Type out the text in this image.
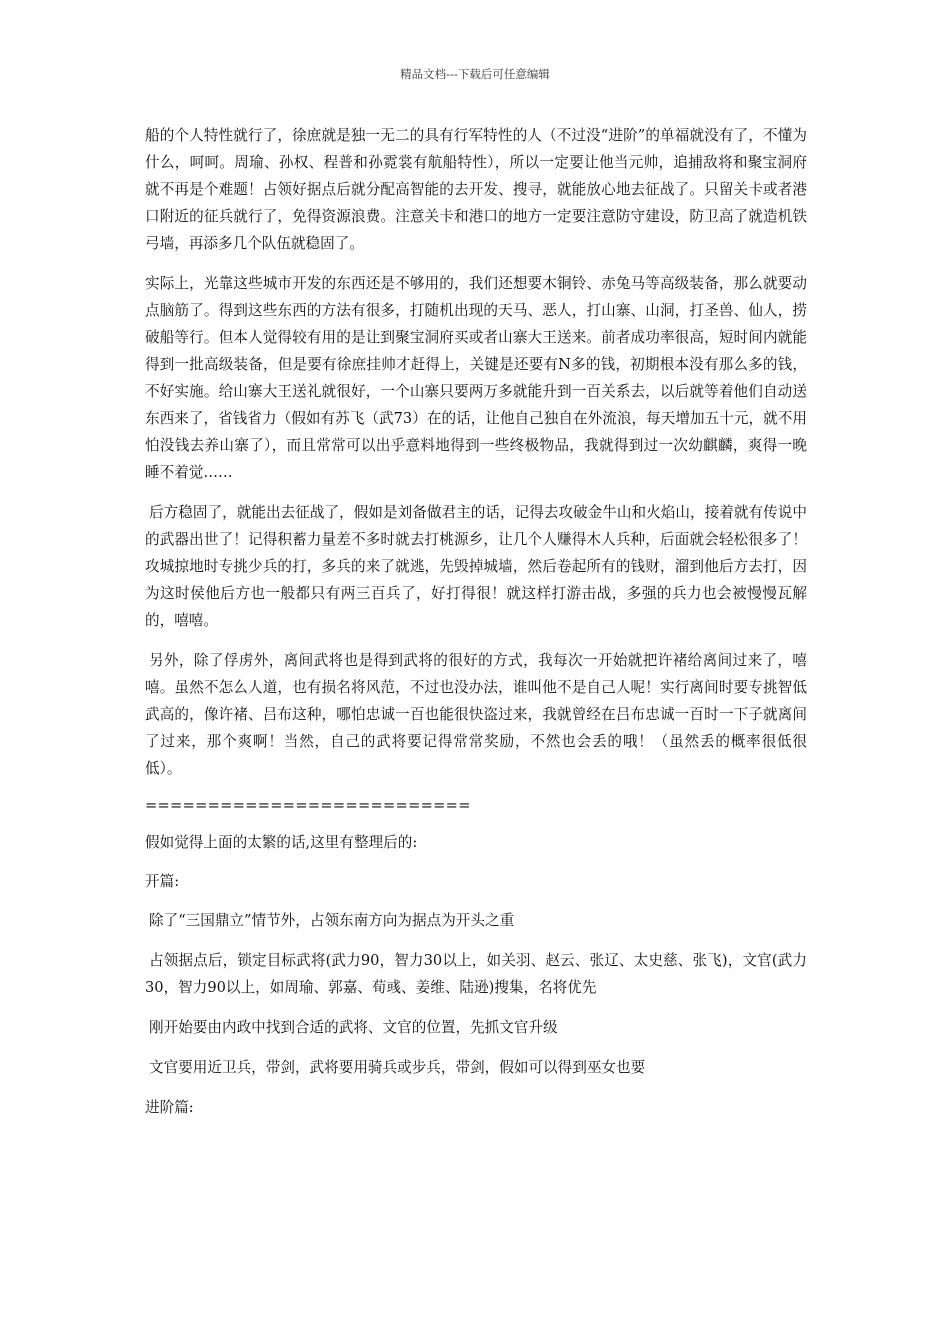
精品文档---下载后可任意编辑

船的个人特性就行了，徐庶就是独一无二的具有行军特性的人（不过没“进阶”的单福就没有了，不懂为什么，呵呵。周瑜、孙权、程普和孙霓裳有航船特性），所以一定要让他当元帅，追捕敌将和聚宝洞府就不再是个难题！占领好据点后就分配高智能的去开发、搜寻，就能放心地去征战了。只留关卡或者港口附近的征兵就行了，免得资源浪费。注意关卡和港口的地方一定要注意防守建设，防卫高了就造机铁弓墙，再添多几个队伍就稳固了。

实际上，光靠这些城市开发的东西还是不够用的，我们还想要木铜铃、赤兔马等高级装备，那么就要动点脑筋了。得到这些东西的方法有很多，打随机出现的天马、恶人，打山寨、山洞，打圣兽、仙人，捞破船等行。但本人觉得较有用的是让到聚宝洞府买或者山寨大王送来。前者成功率很高，短时间内就能得到一批高级装备，但是要有徐庶挂帅才赶得上，关键是还要有N多的钱，初期根本没有那么多的钱，不好实施。给山寨大王送礼就很好，一个山寨只要两万多就能升到一百关系去，以后就等着他们自动送东西来了，省钱省力（假如有苏飞（武73）在的话，让他自己独自在外流浪，每天增加五十元，就不用怕没钱去养山寨了），而且常常可以出乎意料地得到一些终极物品，我就得到过一次幼麒麟，爽得一晚睡不着觉……

后方稳固了，就能出去征战了，假如是刘备做君主的话，记得去攻破金牛山和火焰山，接着就有传说中的武器出世了！记得积蓄力量差不多时就去打桃源乡，让几个人赚得木人兵种，后面就会轻松很多了！攻城掠地时专挑少兵的打，多兵的来了就逃，先毁掉城墙，然后卷起所有的钱财，溜到他后方去打，因为这时侯他后方也一般都只有两三百兵了，好打得很！就这样打游击战，多强的兵力也会被慢慢瓦解的，嘻嘻。

另外，除了俘虏外，离间武将也是得到武将的很好的方式，我每次一开始就把许褚给离间过来了，嘻嘻。虽然不怎么人道，也有损名将风范，不过也没办法，谁叫他不是自己人呢！实行离间时要专挑智低武高的，像许褚、吕布这种，哪怕忠诚一百也能很快盗过来，我就曾经在吕布忠诚一百时一下子就离间了过来，那个爽啊！当然，自己的武将要记得常常奖励，不然也会丢的哦！（虽然丢的概率很低很低）。

==========================

假如觉得上面的太繁的话,这里有整理后的:

开篇:

除了“三国鼎立”情节外，占领东南方向为据点为开头之重

占领据点后，锁定目标武将(武力90，智力30以上，如关羽、赵云、张辽、太史慈、张飞)，文官(武力30，智力90以上，如周瑜、郭嘉、荀彧、姜维、陆逊)搜集，名将优先

刚开始要由内政中找到合适的武将、文官的位置，先抓文官升级

文官要用近卫兵，带剑，武将要用骑兵或步兵，带剑，假如可以得到巫女也要

进阶篇:
